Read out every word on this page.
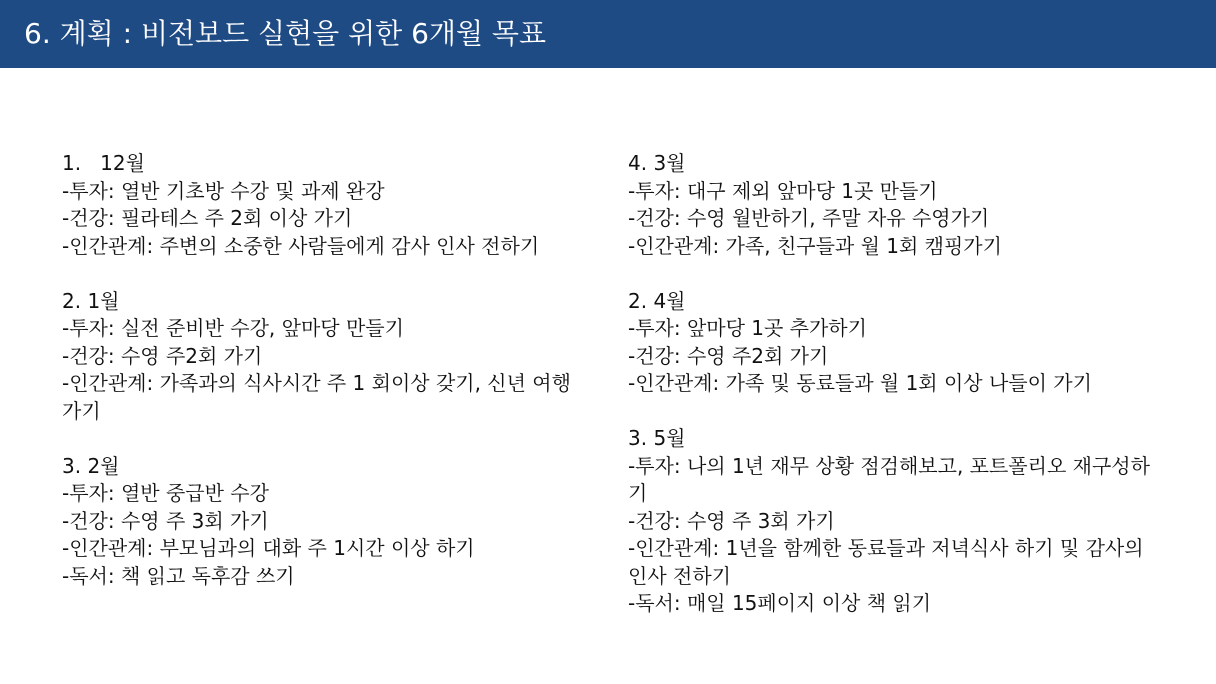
6. 계획 : 비전보드 실현을 위한 6개월 목표
1.   12월
-투자: 열반 기초방 수강 및 과제 완강
-건강: 필라테스 주 2회 이상 가기
-인간관계: 주변의 소중한 사람들에게 감사 인사 전하기
2. 1월
-투자: 실전 준비반 수강, 앞마당 만들기
-건강: 수영 주2회 가기
-인간관계: 가족과의 식사시간 주 1 회이상 갖기, 신년 여행 가기
3. 2월
-투자: 열반 중급반 수강
-건강: 수영 주 3회 가기
-인간관계: 부모님과의 대화 주 1시간 이상 하기
-독서: 책 읽고 독후감 쓰기
4. 3월
-투자: 대구 제외 앞마당 1곳 만들기
-건강: 수영 월반하기, 주말 자유 수영가기
-인간관계: 가족, 친구들과 월 1회 캠핑가기
2. 4월
-투자: 앞마당 1곳 추가하기
-건강: 수영 주2회 가기
-인간관계: 가족 및 동료들과 월 1회 이상 나들이 가기
3. 5월
-투자: 나의 1년 재무 상황 점검해보고, 포트폴리오 재구성하기
-건강: 수영 주 3회 가기
-인간관계: 1년을 함께한 동료들과 저녁식사 하기 및 감사의 인사 전하기
-독서: 매일 15페이지 이상 책 읽기
